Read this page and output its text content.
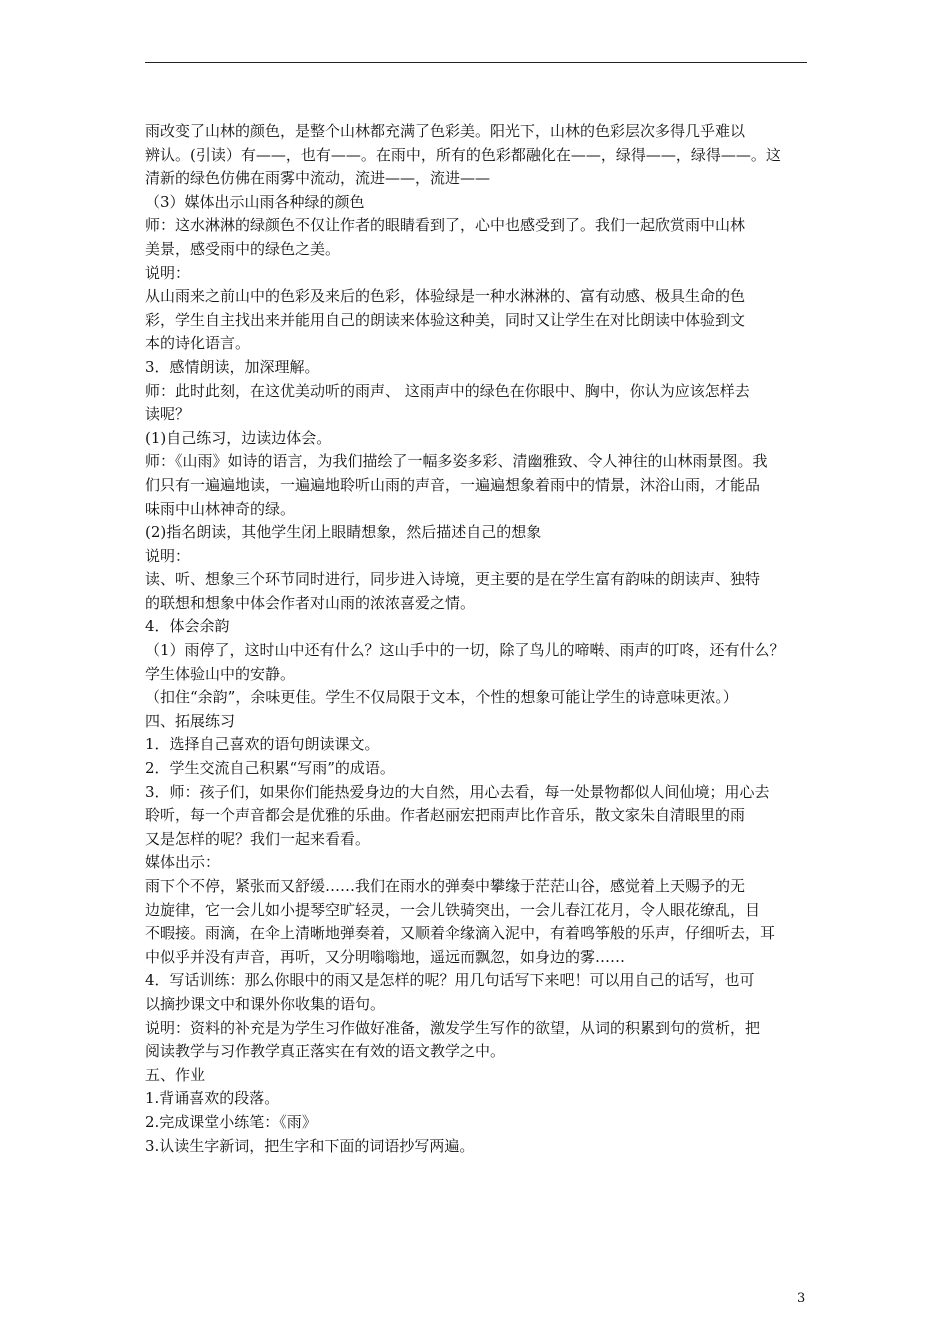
雨改变了山林的颜色，是整个山林都充满了色彩美。阳光下，山林的色彩层次多得几乎难以
辨认。(引读）有——，也有——。在雨中，所有的色彩都融化在——，绿得——，绿得——。这
清新的绿色仿佛在雨雾中流动，流进——，流进——
（3）媒体出示山雨各种绿的颜色
师：这水淋淋的绿颜色不仅让作者的眼睛看到了，心中也感受到了。我们一起欣赏雨中山林
美景，感受雨中的绿色之美。
说明：
从山雨来之前山中的色彩及来后的色彩，体验绿是一种水淋淋的、富有动感、极具生命的色
彩，学生自主找出来并能用自己的朗读来体验这种美，同时又让学生在对比朗读中体验到文
本的诗化语言。
3．感情朗读，加深理解。
师：此时此刻，在这优美动听的雨声、 这雨声中的绿色在你眼中、胸中，你认为应该怎样去
读呢？
(1)自己练习，边读边体会。
师：《山雨》如诗的语言，为我们描绘了一幅多姿多彩、清幽雅致、令人神往的山林雨景图。我
们只有一遍遍地读，一遍遍地聆听山雨的声音，一遍遍想象着雨中的情景，沐浴山雨，才能品
味雨中山林神奇的绿。
(2)指名朗读，其他学生闭上眼睛想象，然后描述自己的想象
说明：
读、听、想象三个环节同时进行，同步进入诗境，更主要的是在学生富有韵味的朗读声、独特
的联想和想象中体会作者对山雨的浓浓喜爱之情。
4．体会余韵
（1）雨停了，这时山中还有什么？这山手中的一切，除了鸟儿的啼啭、雨声的叮咚，还有什么？
学生体验山中的安静。
（扣住“余韵”，余味更佳。学生不仅局限于文本，个性的想象可能让学生的诗意味更浓。）
四、拓展练习
1．选择自己喜欢的语句朗读课文。
2．学生交流自己积累“写雨”的成语。
3．师：孩子们，如果你们能热爱身边的大自然，用心去看，每一处景物都似人间仙境；用心去
聆听，每一个声音都会是优雅的乐曲。作者赵丽宏把雨声比作音乐，散文家朱自清眼里的雨
又是怎样的呢？我们一起来看看。
媒体出示：
雨下个不停，紧张而又舒缓……我们在雨水的弹奏中攀缘于茫茫山谷，感觉着上天赐予的无
边旋律，它一会儿如小提琴空旷轻灵，一会儿铁骑突出，一会儿春江花月，令人眼花缭乱，目
不暇接。雨滴，在伞上清晰地弹奏着，又顺着伞缘滴入泥中，有着鸣筝般的乐声，仔细听去，耳
中似乎并没有声音，再听，又分明嗡嗡地，遥远而飘忽，如身边的雾……
4．写话训练：那么你眼中的雨又是怎样的呢？用几句话写下来吧！可以用自己的话写，也可
以摘抄课文中和课外你收集的语句。
说明：资料的补充是为学生习作做好准备，激发学生写作的欲望，从词的积累到句的赏析，把
阅读教学与习作教学真正落实在有效的语文教学之中。
五、作业
1.背诵喜欢的段落。
2.完成课堂小练笔：《雨》
3.认读生字新词，把生字和下面的词语抄写两遍。
3
